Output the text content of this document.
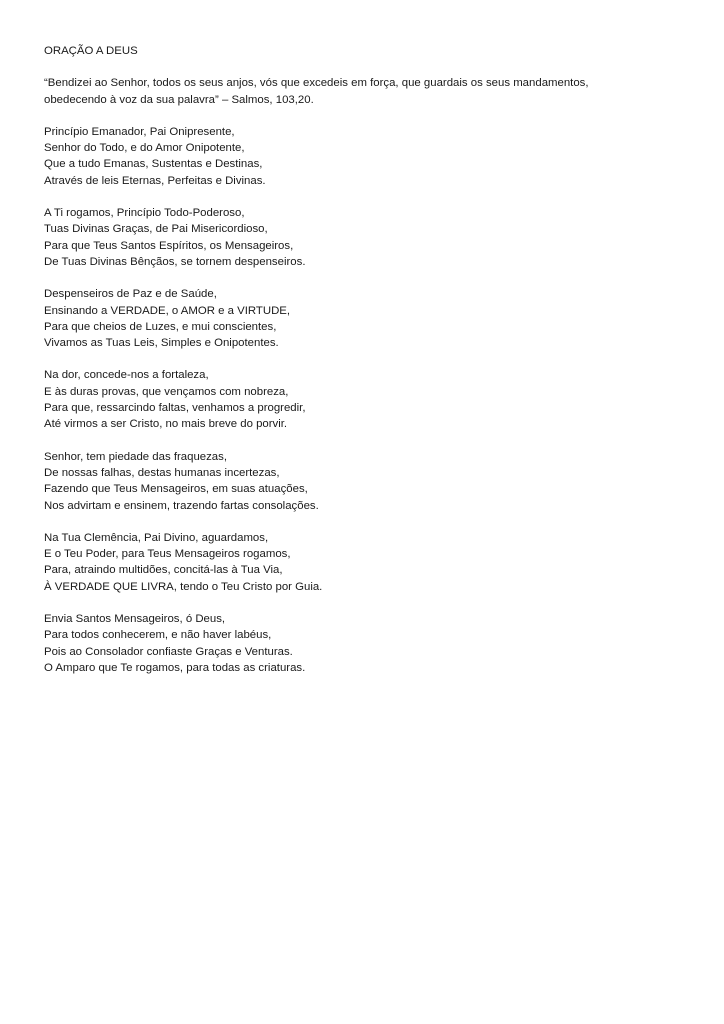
ORAÇÃO A DEUS
“Bendizei ao Senhor, todos os seus anjos, vós que excedeis em força, que guardais os seus mandamentos,
obedecendo à voz da sua palavra” – Salmos, 103,20.
Princípio Emanador, Pai Onipresente,
Senhor do Todo, e do Amor Onipotente,
Que a tudo Emanas, Sustentas e Destinas,
Através de leis Eternas, Perfeitas e Divinas.
A Ti rogamos, Princípio Todo-Poderoso,
Tuas Divinas Graças, de Pai Misericordioso,
Para que Teus Santos Espíritos, os Mensageiros,
De Tuas Divinas Bênçãos, se tornem despenseiros.
Despenseiros de Paz e de Saúde,
Ensinando a VERDADE, o AMOR e a VIRTUDE,
Para que cheios de Luzes, e mui conscientes,
Vivamos as Tuas Leis, Simples e Onipotentes.
Na dor, concede-nos a fortaleza,
E às duras provas, que vençamos com nobreza,
Para que, ressarcindo faltas, venhamos a progredir,
Até virmos a ser Cristo, no mais breve do porvir.
Senhor, tem piedade das fraquezas,
De nossas falhas, destas humanas incertezas,
Fazendo que Teus Mensageiros, em suas atuações,
Nos advirtam e ensinem, trazendo fartas consolações.
Na Tua Clemência, Pai Divino, aguardamos,
E o Teu Poder, para Teus Mensageiros rogamos,
Para, atraindo multidões, concitá-las à Tua Via,
À VERDADE QUE LIVRA, tendo o Teu Cristo por Guia.
Envia Santos Mensageiros, ó Deus,
Para todos conhecerem, e não haver labéus,
Pois ao Consolador confiaste Graças e Venturas.
O Amparo que Te rogamos, para todas as criaturas.
